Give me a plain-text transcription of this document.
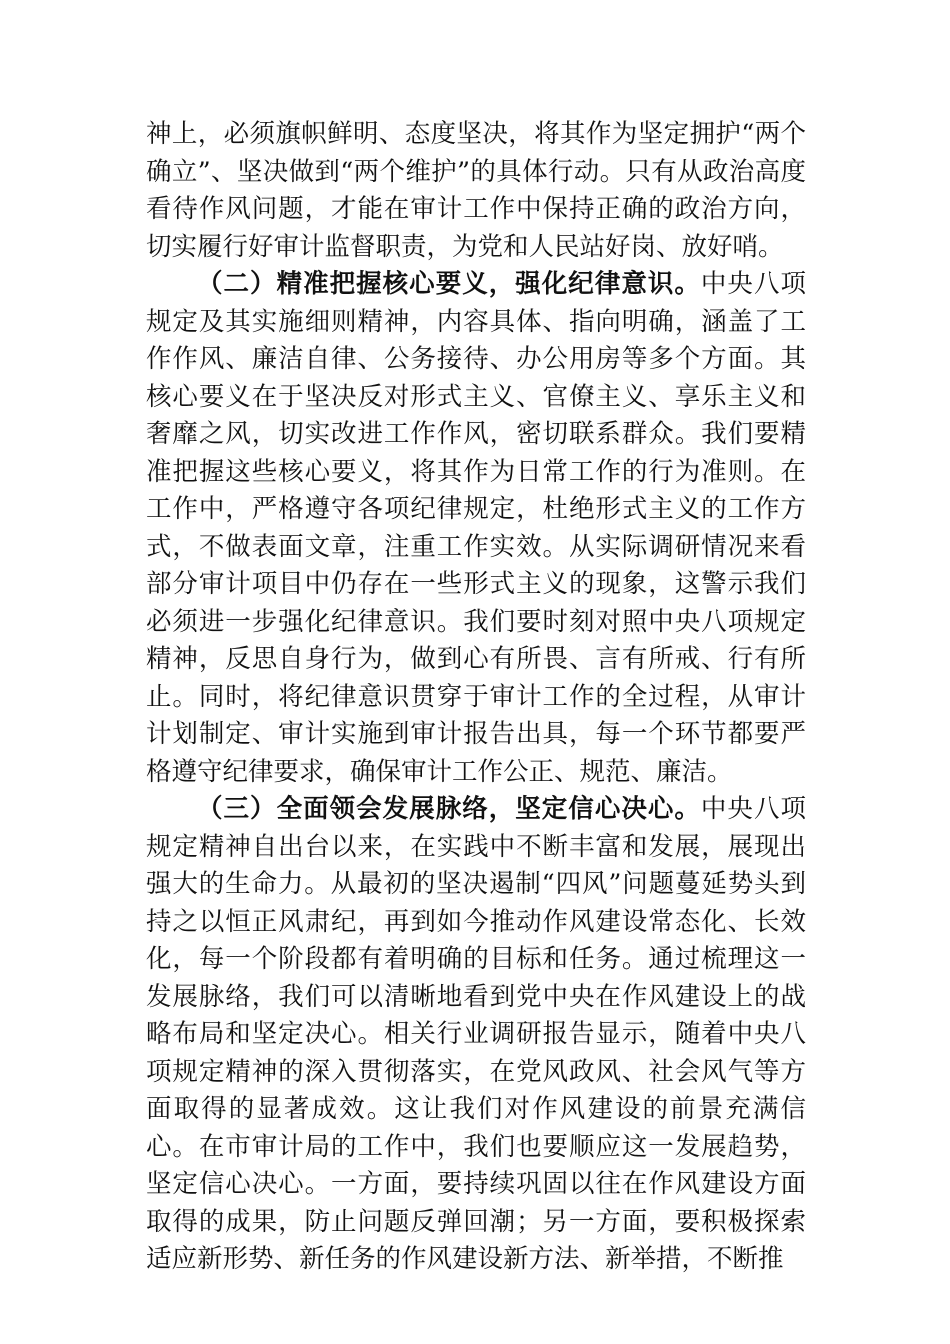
神上，必须旗帜鲜明、态度坚决，将其作为坚定拥护“两个确立”、坚决做到“两个维护”的具体行动。只有从政治高度看待作风问题，才能在审计工作中保持正确的政治方向，切实履行好审计监督职责，为党和人民站好岗、放好哨。

（二）精准把握核心要义，强化纪律意识。中央八项规定及其实施细则精神，内容具体、指向明确，涵盖了工作作风、廉洁自律、公务接待、办公用房等多个方面。其核心要义在于坚决反对形式主义、官僚主义、享乐主义和奢靡之风，切实改进工作作风，密切联系群众。我们要精准把握这些核心要义，将其作为日常工作的行为准则。在工作中，严格遵守各项纪律规定，杜绝形式主义的工作方式，不做表面文章，注重工作实效。从实际调研情况来看部分审计项目中仍存在一些形式主义的现象，这警示我们必须进一步强化纪律意识。我们要时刻对照中央八项规定精神，反思自身行为，做到心有所畏、言有所戒、行有所止。同时，将纪律意识贯穿于审计工作的全过程，从审计计划制定、审计实施到审计报告出具，每一个环节都要严格遵守纪律要求，确保审计工作公正、规范、廉洁。

（三）全面领会发展脉络，坚定信心决心。中央八项规定精神自出台以来，在实践中不断丰富和发展，展现出强大的生命力。从最初的坚决遏制“四风”问题蔓延势头到持之以恒正风肃纪，再到如今推动作风建设常态化、长效化，每一个阶段都有着明确的目标和任务。通过梳理这一发展脉络，我们可以清晰地看到党中央在作风建设上的战略布局和坚定决心。相关行业调研报告显示，随着中央八项规定精神的深入贯彻落实，在党风政风、社会风气等方面取得的显著成效。这让我们对作风建设的前景充满信心。在市审计局的工作中，我们也要顺应这一发展趋势，坚定信心决心。一方面，要持续巩固以往在作风建设方面取得的成果，防止问题反弹回潮；另一方面，要积极探索适应新形势、新任务的作风建设新方法、新举措，不断推
